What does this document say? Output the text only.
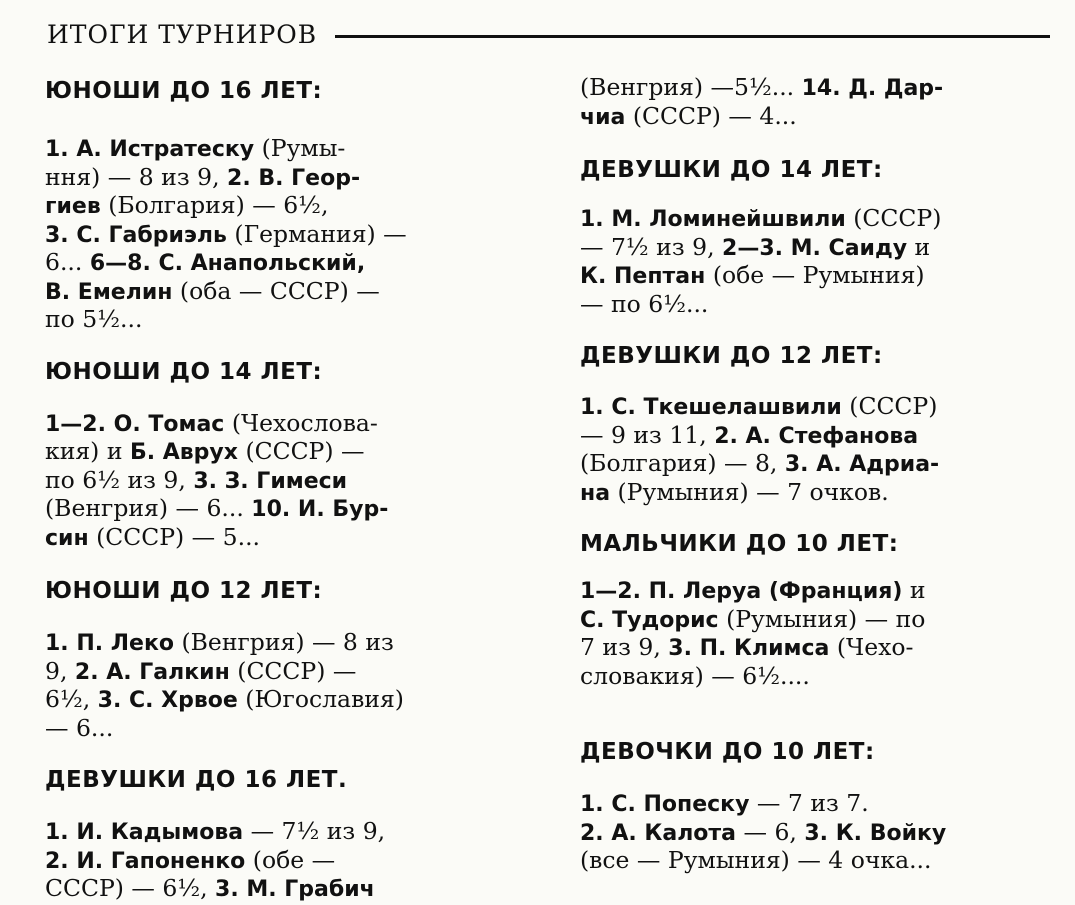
ИТОГИ ТУРНИРОВ
ЮНОШИ ДО 16 ЛЕТ:

1. А. Истратеску (Румы-

ння) — 8 из 9, 2. В. Геор-

гиев (Болгария) — 6½,

3. С. Габриэль (Германия) —

6... 6—8. С. Анапольский,

В. Емелин (оба — СССР) —

по 5½...

ЮНОШИ ДО 14 ЛЕТ:

1—2. О. Томас (Чехослова-

кия) и Б. Аврух (СССР) —

по 6½ из 9, 3. З. Гимеси

(Венгрия) — 6... 10. И. Бур-

син (СССР) — 5...

ЮНОШИ ДО 12 ЛЕТ:

1. П. Леко (Венгрия) — 8 из

9, 2. А. Галкин (СССР) —

6½, 3. С. Хрвое (Югославия)

— 6...

ДЕВУШКИ ДО 16 ЛЕТ.

1. И. Кадымова — 7½ из 9,

2. И. Гапоненко (обе —

СССР) — 6½, 3. М. Грабич

(Венгрия) —5½... 14. Д. Дар-

чиа (СССР) — 4...

ДЕВУШКИ ДО 14 ЛЕТ:

1. М. Ломинейшвили (СССР)

— 7½ из 9, 2—3. М. Саиду и

К. Пептан (обе — Румыния)

— по 6½...

ДЕВУШКИ ДО 12 ЛЕТ:

1. С. Ткешелашвили (СССР)

— 9 из 11, 2. А. Стефанова

(Болгария) — 8, 3. А. Адриа-

на (Румыния) — 7 очков.

МАЛЬЧИКИ ДО 10 ЛЕТ:

1—2. П. Леруа (Франция) и

С. Тудорис (Румыния) — по

7 из 9, 3. П. Климса (Чехо-

словакия) — 6½....

ДЕВОЧКИ ДО 10 ЛЕТ:

1. С. Попеску — 7 из 7.

2. А. Калота — 6, 3. К. Войку

(все — Румыния) — 4 очка...
